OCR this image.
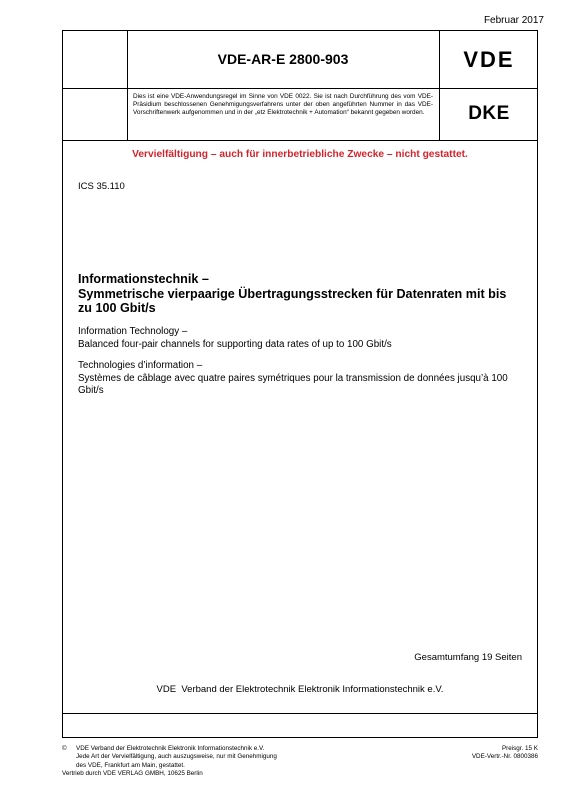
Februar 2017
VDE-AR-E 2800-903	VDE
Dies ist eine VDE-Anwendungsregel im Sinne von VDE 0022. Sie ist nach Durchführung des vom VDE-Präsidium beschlossenen Genehmigungsverfahrens unter der oben angeführten Nummer in das VDE-Vorschriftenwerk aufgenommen und in der „etz Elektrotechnik + Automation“ bekannt gegeben worden.	DKE
Vervielfältigung – auch für innerbetriebliche Zwecke – nicht gestattet.
ICS 35.110
Informationstechnik –
Symmetrische vierpaarige Übertragungsstrecken für Datenraten mit bis zu 100 Gbit/s
Information Technology –
Balanced four-pair channels for supporting data rates of up to 100 Gbit/s
Technologies d’information –
Systèmes de câblage avec quatre paires symétriques pour la transmission de données jusqu’à 100 Gbit/s
Gesamtumfang 19 Seiten
VDE  Verband der Elektrotechnik Elektronik Informationstechnik e.V.
© VDE Verband der Elektrotechnik Elektronik Informationstechnik e.V.
Jede Art der Vervielfältigung, auch auszugsweise, nur mit Genehmigung
des VDE, Frankfurt am Main, gestattet.
Vertrieb durch VDE VERLAG GMBH, 10625 Berlin
Preisgr. 15 K
VDE-Vertr.-Nr. 0800386
